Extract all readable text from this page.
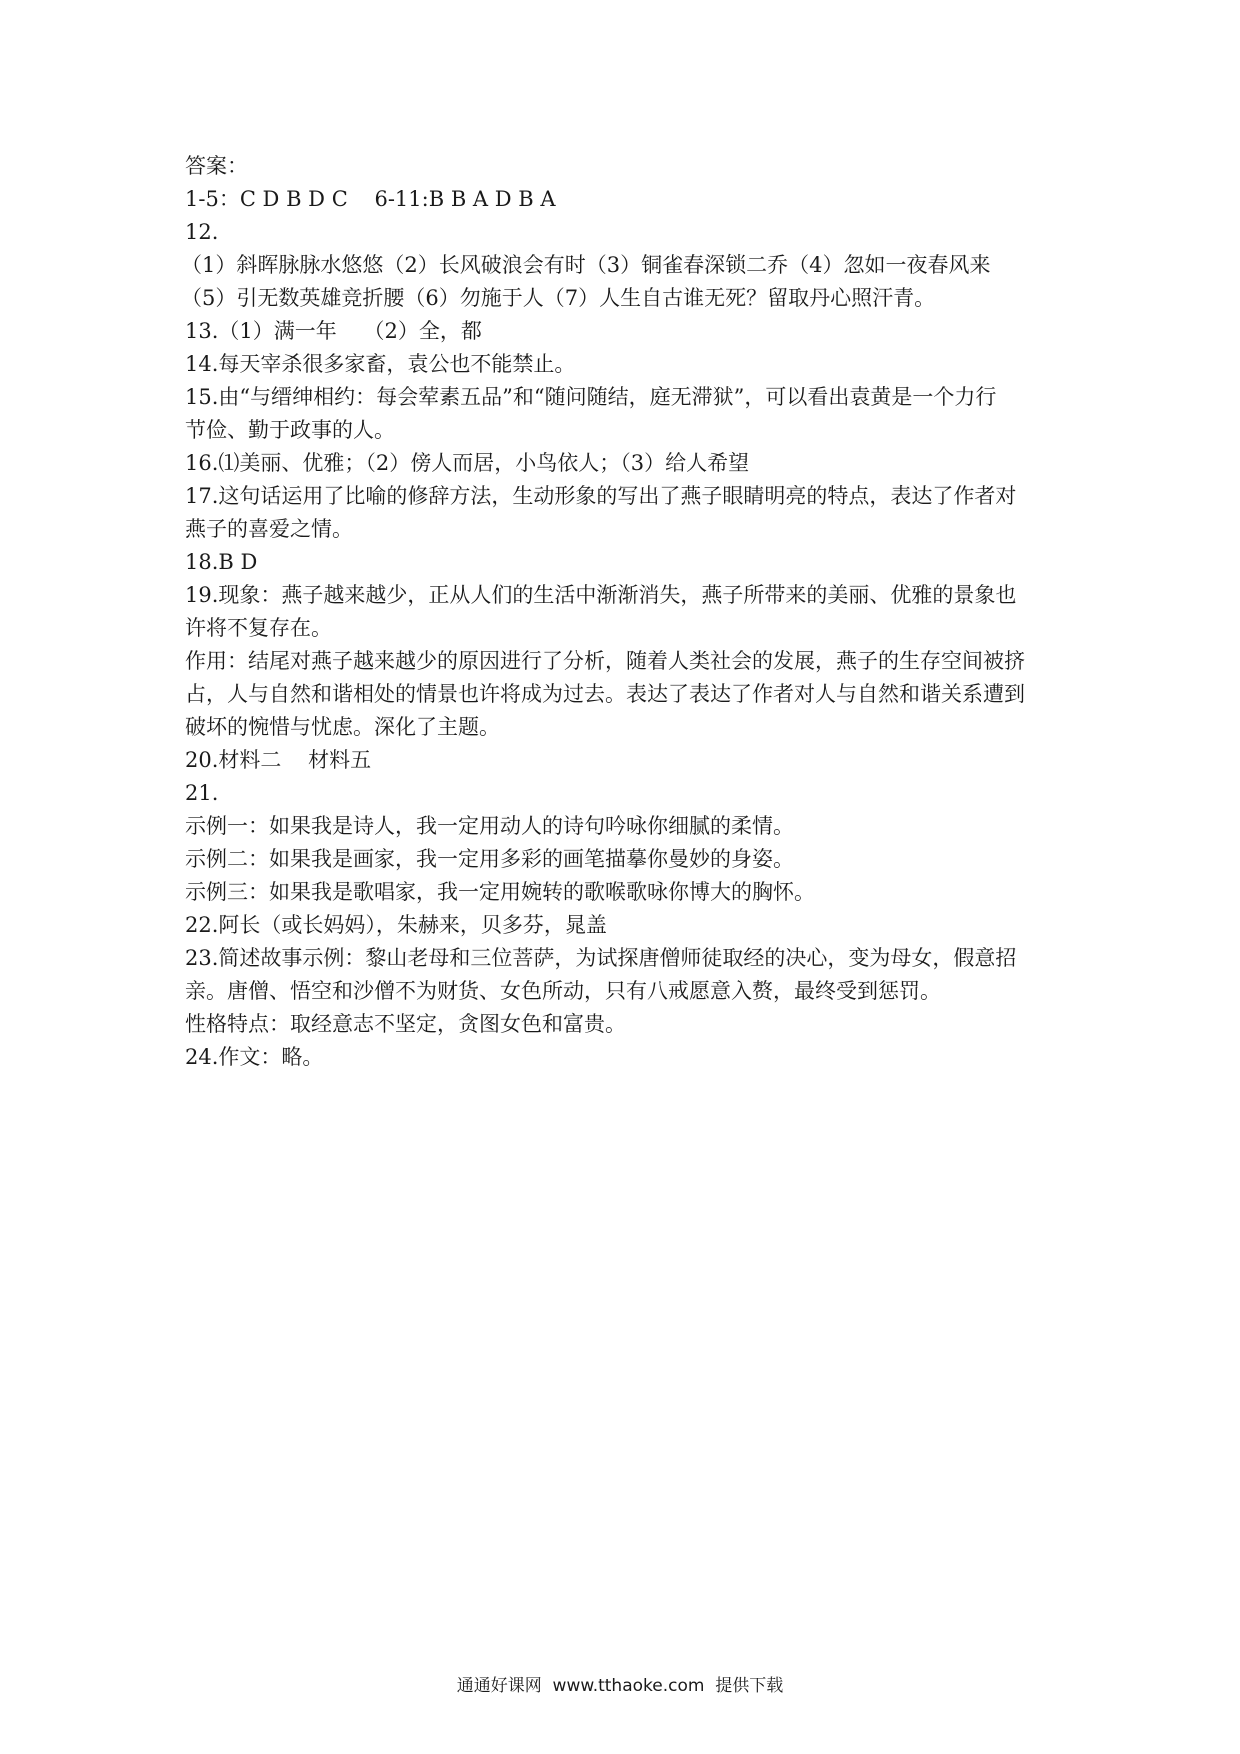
答案：

1-5：C D B D C    6-11:B B A D B A

12.

（1）斜晖脉脉水悠悠（2）长风破浪会有时（3）铜雀春深锁二乔（4）忽如一夜春风来

（5）引无数英雄竞折腰（6）勿施于人（7）人生自古谁无死？留取丹心照汗青。

13.（1）满一年    （2）全，都

14.每天宰杀很多家畜，袁公也不能禁止。

15.由“与缙绅相约：每会荤素五品”和“随问随结，庭无滞狱”，可以看出袁黄是一个力行

节俭、勤于政事的人。

16.⑴美丽、优雅；（2）傍人而居，小鸟依人；（3）给人希望

17.这句话运用了比喻的修辞方法，生动形象的写出了燕子眼睛明亮的特点，表达了作者对

燕子的喜爱之情。

18.B D

19.现象：燕子越来越少，正从人们的生活中渐渐消失，燕子所带来的美丽、优雅的景象也

许将不复存在。

作用：结尾对燕子越来越少的原因进行了分析，随着人类社会的发展，燕子的生存空间被挤

占，人与自然和谐相处的情景也许将成为过去。表达了表达了作者对人与自然和谐关系遭到

破坏的惋惜与忧虑。深化了主题。

20.材料二    材料五

21.

示例一：如果我是诗人，我一定用动人的诗句吟咏你细腻的柔情。

示例二：如果我是画家，我一定用多彩的画笔描摹你曼妙的身姿。

示例三：如果我是歌唱家，我一定用婉转的歌喉歌咏你博大的胸怀。

22.阿长（或长妈妈），朱赫来，贝多芬，晁盖

23.简述故事示例：黎山老母和三位菩萨，为试探唐僧师徒取经的决心，变为母女，假意招

亲。唐僧、悟空和沙僧不为财货、女色所动，只有八戒愿意入赘，最终受到惩罚。

性格特点：取经意志不坚定，贪图女色和富贵。

24.作文：略。

通通好课网  www.tthaoke.com  提供下载
